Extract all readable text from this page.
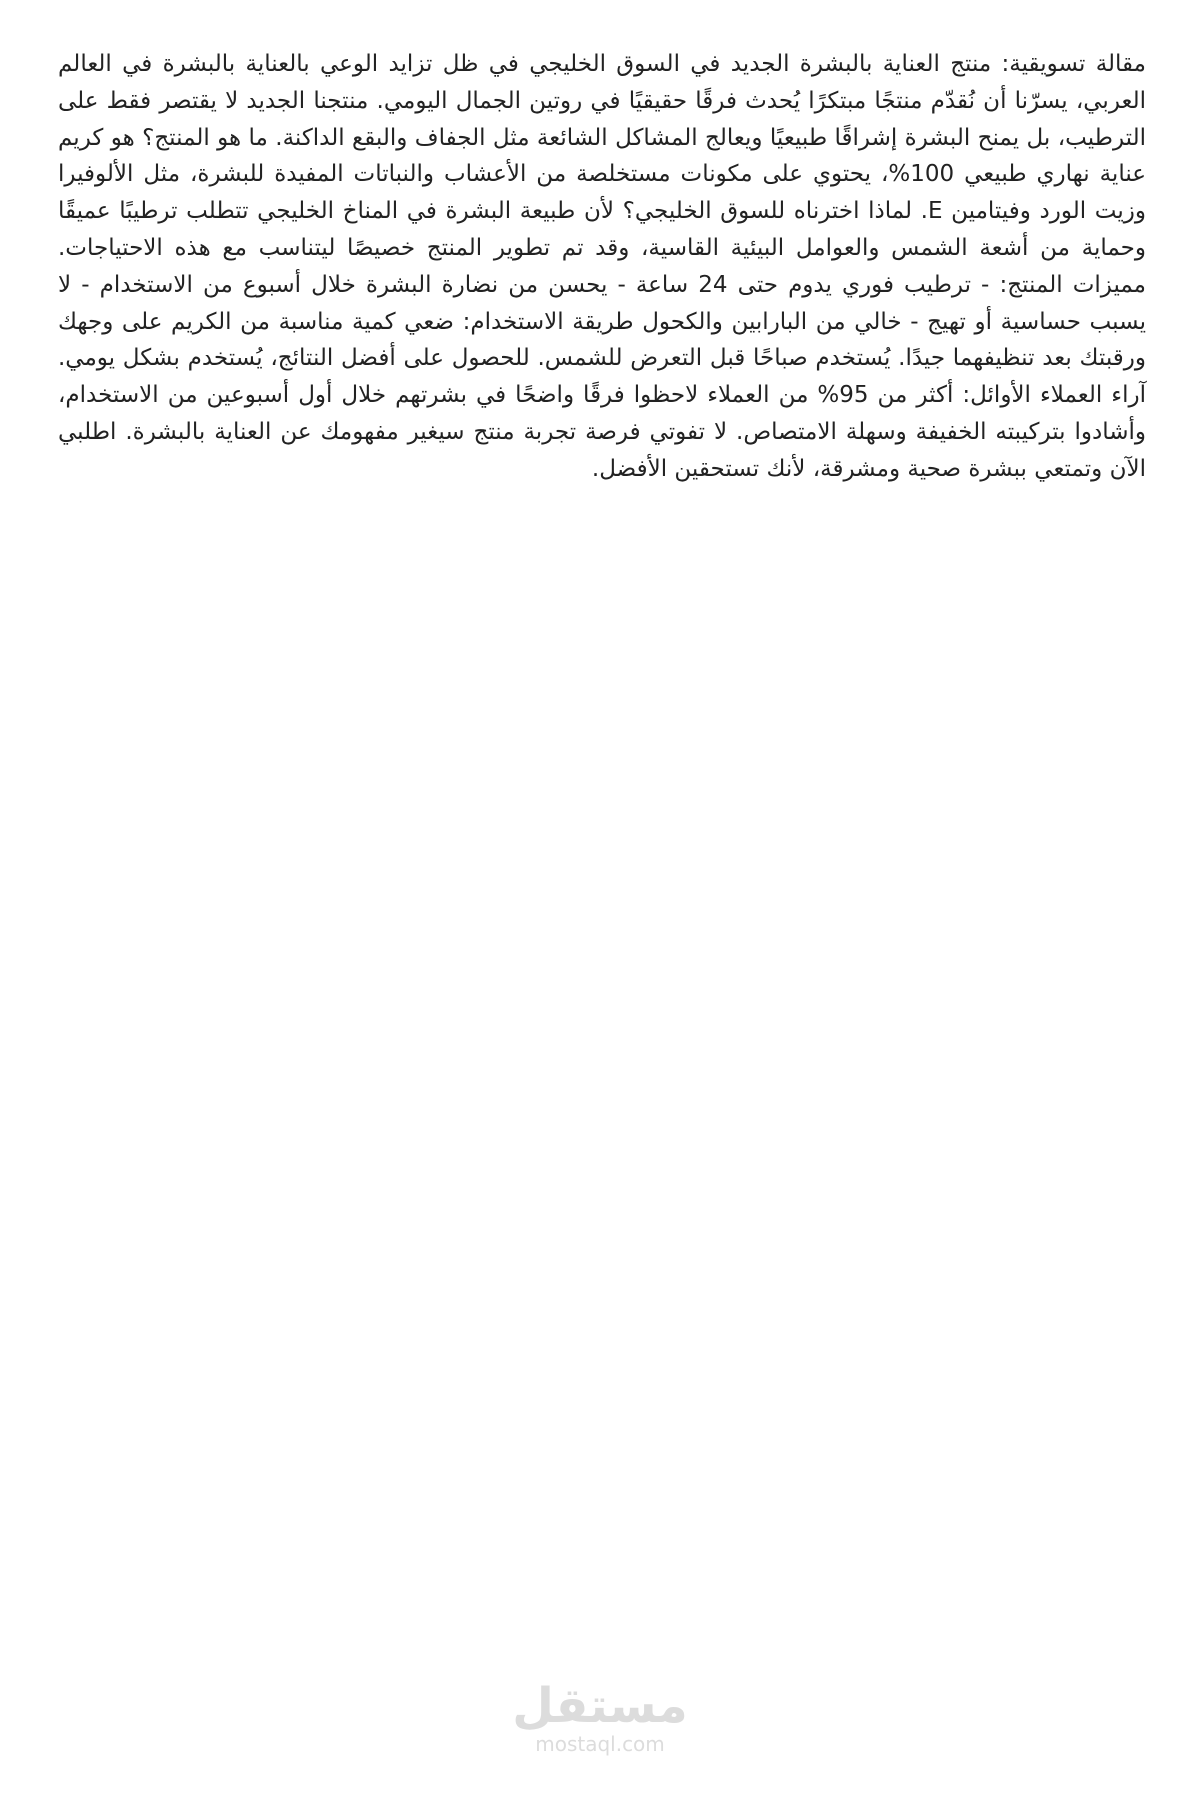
مقالة تسويقية: منتج العناية بالبشرة الجديد في السوق الخليجي في ظل تزايد الوعي بالعناية بالبشرة في العالم العربي، يسرّنا أن نُقدّم منتجًا مبتكرًا يُحدث فرقًا حقيقيًا في روتين الجمال اليومي. منتجنا الجديد لا يقتصر فقط على الترطيب، بل يمنح البشرة إشراقًا طبيعيًا ويعالج المشاكل الشائعة مثل الجفاف والبقع الداكنة. ما هو المنتج؟ هو كريم عناية نهاري طبيعي 100%، يحتوي على مكونات مستخلصة من الأعشاب والنباتات المفيدة للبشرة، مثل الألوفيرا وزيت الورد وفيتامين E. لماذا اخترناه للسوق الخليجي؟ لأن طبيعة البشرة في المناخ الخليجي تتطلب ترطيبًا عميقًا وحماية من أشعة الشمس والعوامل البيئية القاسية، وقد تم تطوير المنتج خصيصًا ليتناسب مع هذه الاحتياجات. مميزات المنتج: - ترطيب فوري يدوم حتى 24 ساعة - يحسن من نضارة البشرة خلال أسبوع من الاستخدام - لا يسبب حساسية أو تهيج - خالي من البارابين والكحول طريقة الاستخدام: ضعي كمية مناسبة من الكريم على وجهك ورقبتك بعد تنظيفهما جيدًا. يُستخدم صباحًا قبل التعرض للشمس. للحصول على أفضل النتائج، يُستخدم بشكل يومي. آراء العملاء الأوائل: أكثر من 95% من العملاء لاحظوا فرقًا واضحًا في بشرتهم خلال أول أسبوعين من الاستخدام، وأشادوا بتركيبته الخفيفة وسهلة الامتصاص. لا تفوتي فرصة تجربة منتج سيغير مفهومك عن العناية بالبشرة. اطلبي الآن وتمتعي ببشرة صحية ومشرقة، لأنك تستحقين الأفضل.

مستقل
mostaql.com
